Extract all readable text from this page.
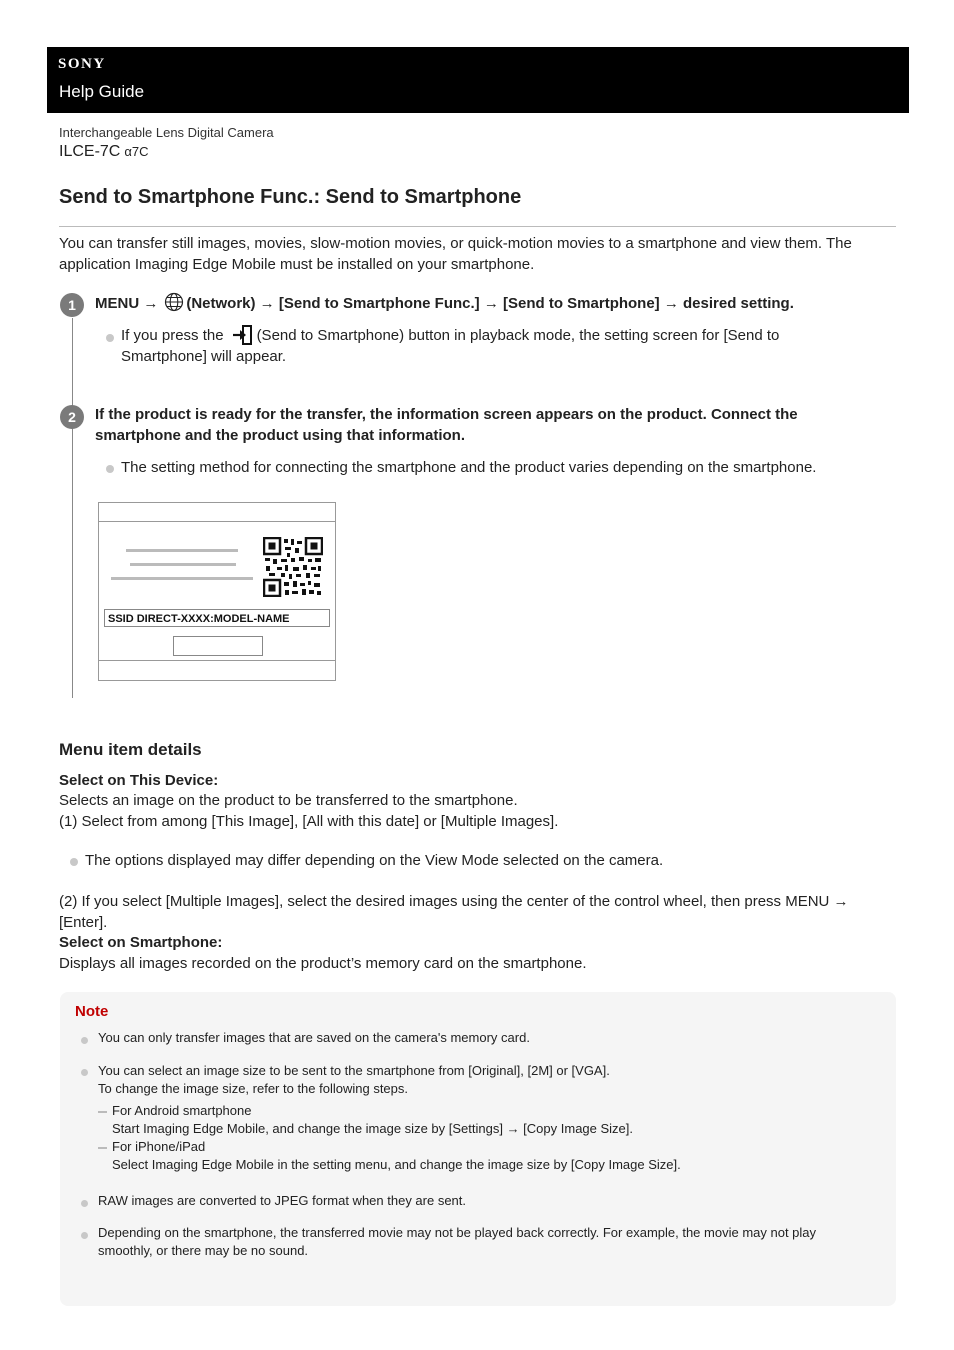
SONY
Help Guide
Interchangeable Lens Digital Camera
ILCE-7C α7C
Send to Smartphone Func.: Send to Smartphone

You can transfer still images, movies, slow-motion movies, or quick-motion movies to a smartphone and view them. The application Imaging Edge Mobile must be installed on your smartphone.

1	MENU → (Network) → [Send to Smartphone Func.] → [Send to Smartphone] → desired setting.
If you press the (Send to Smartphone) button in playback mode, the setting screen for [Send to
Smartphone] will appear.
2	If the product is ready for the transfer, the information screen appears on the product. Connect the
smartphone and the product using that information.
The setting method for connecting the smartphone and the product varies depending on the smartphone.
SSID DIRECT-XXXX:MODEL-NAME
Menu item details
Select on This Device:
Selects an image on the product to be transferred to the smartphone.
(1) Select from among [This Image], [All with this date] or [Multiple Images].
The options displayed may differ depending on the View Mode selected on the camera.
(2) If you select [Multiple Images], select the desired images using the center of the control wheel, then press MENU →
[Enter].
Select on Smartphone:
Displays all images recorded on the product’s memory card on the smartphone.
Note
You can only transfer images that are saved on the camera's memory card.
You can select an image size to be sent to the smartphone from [Original], [2M] or [VGA].
To change the image size, refer to the following steps.
For Android smartphone
Start Imaging Edge Mobile, and change the image size by [Settings] → [Copy Image Size].
For iPhone/iPad
Select Imaging Edge Mobile in the setting menu, and change the image size by [Copy Image Size].
RAW images are converted to JPEG format when they are sent.
Depending on the smartphone, the transferred movie may not be played back correctly. For example, the movie may not play
smoothly, or there may be no sound.
